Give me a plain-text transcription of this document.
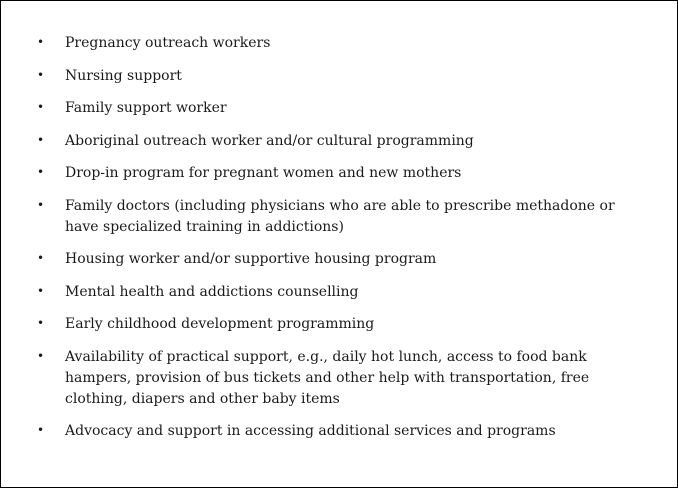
• Pregnancy outreach workers
• Nursing support
• Family support worker
• Aboriginal outreach worker and/or cultural programming
• Drop-in program for pregnant women and new mothers
• Family doctors (including physicians who are able to prescribe methadone or have specialized training in addictions)
• Housing worker and/or supportive housing program
• Mental health and addictions counselling
• Early childhood development programming
• Availability of practical support, e.g., daily hot lunch, access to food bank hampers, provision of bus tickets and other help with transportation, free clothing, diapers and other baby items
• Advocacy and support in accessing additional services and programs
